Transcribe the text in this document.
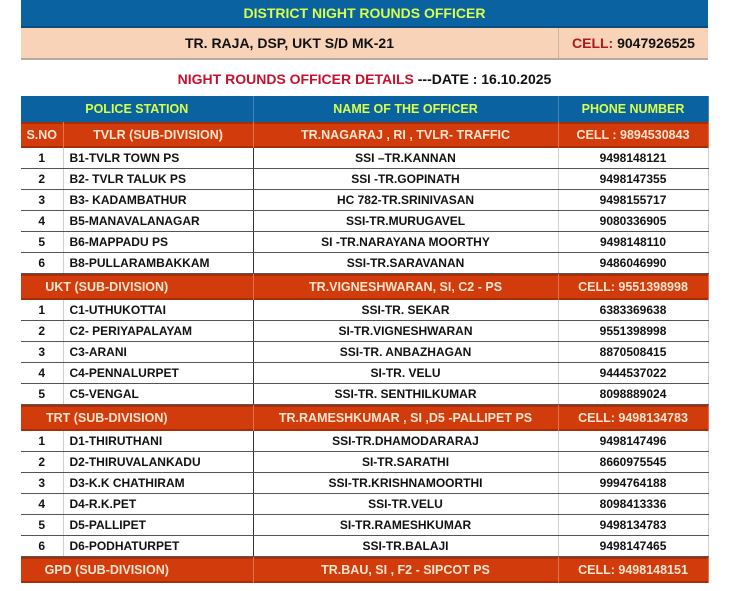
DISTRICT NIGHT ROUNDS OFFICER
TR. RAJA, DSP, UKT S/D MK-21	CELL: 9047926525
NIGHT ROUNDS OFFICER DETAILS ---DATE : 16.10.2025
POLICE STATION		NAME OF THE OFFICER	PHONE NUMBER
S.NO	TVLR (SUB-DIVISION)	TR.NAGARAJ , RI , TVLR- TRAFFIC	CELL : 9894530843
1	B1-TVLR TOWN PS	SSI –TR.KANNAN	9498148121
2	B2- TVLR TALUK PS	SSI -TR.GOPINATH	9498147355
3	B3- KADAMBATHUR	HC 782-TR.SRINIVASAN	9498155717
4	B5-MANAVALANAGAR	SSI-TR.MURUGAVEL	9080336905
5	B6-MAPPADU PS	SI -TR.NARAYANA MOORTHY	9498148110
6	B8-PULLARAMBAKKAM	SSI-TR.SARAVANAN	9486046990
UKT (SUB-DIVISION)		TR.VIGNESHWARAN, SI, C2 - PS	CELL: 9551398998
1	C1-UTHUKOTTAI	SSI-TR. SEKAR	6383369638
2	C2- PERIYAPALAYAM	SI-TR.VIGNESHWARAN	9551398998
3	C3-ARANI	SSI-TR. ANBAZHAGAN	8870508415
4	C4-PENNALURPET	SI-TR. VELU	9444537022
5	C5-VENGAL	SSI-TR. SENTHILKUMAR	8098889024
TRT (SUB-DIVISION)		TR.RAMESHKUMAR , SI ,D5 -PALLIPET PS	CELL: 9498134783
1	D1-THIRUTHANI	SSI-TR.DHAMODARARAJ	9498147496
2	D2-THIRUVALANKADU	SI-TR.SARATHI	8660975545
3	D3-K.K CHATHIRAM	SSI-TR.KRISHNAMOORTHI	9994764188
4	D4-R.K.PET	SSI-TR.VELU	8098413336
5	D5-PALLIPET	SI-TR.RAMESHKUMAR	9498134783
6	D6-PODHATURPET	SSI-TR.BALAJI	9498147465
GPD (SUB-DIVISION)		TR.BAU, SI , F2 - SIPCOT PS	CELL: 9498148151
